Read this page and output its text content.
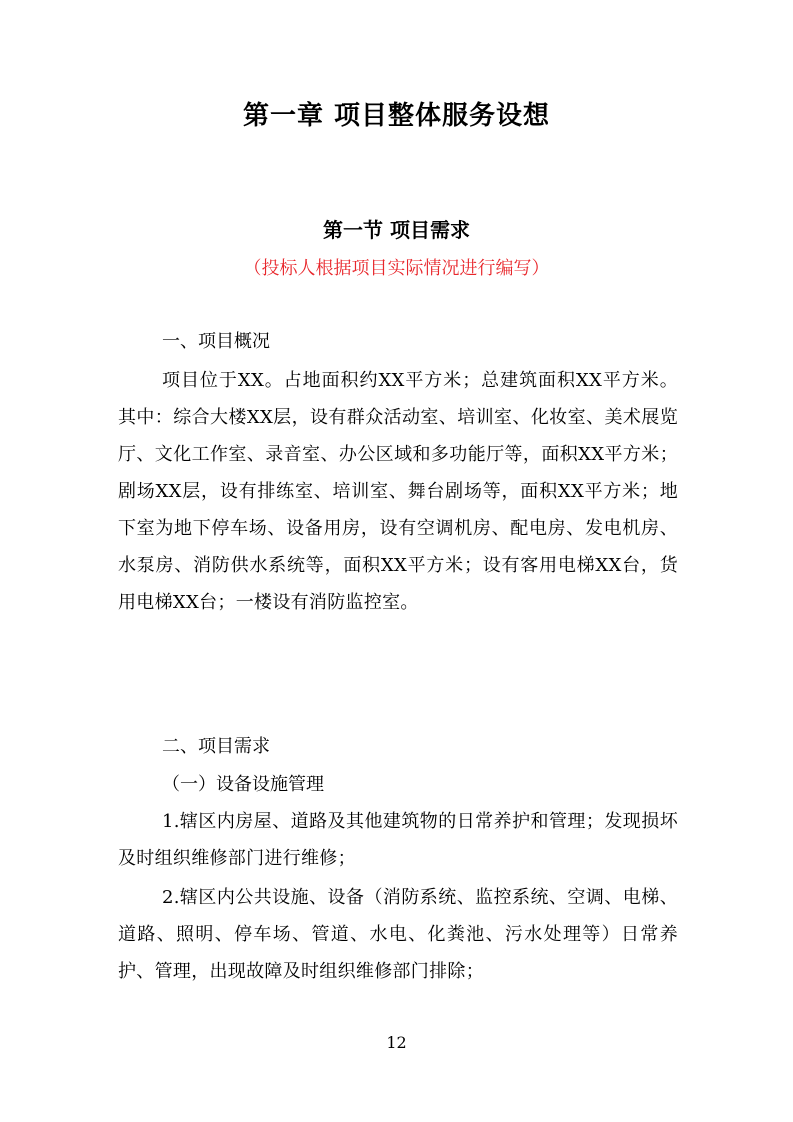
第一章 项目整体服务设想
第一节 项目需求
（投标人根据项目实际情况进行编写）
一、项目概况
项目位于XX。占地面积约XX平方米；总建筑面积XX平方米。其中：综合大楼XX层，设有群众活动室、培训室、化妆室、美术展览厅、文化工作室、录音室、办公区域和多功能厅等，面积XX平方米；剧场XX层，设有排练室、培训室、舞台剧场等，面积XX平方米；地下室为地下停车场、设备用房，设有空调机房、配电房、发电机房、水泵房、消防供水系统等，面积XX平方米；设有客用电梯XX台，货用电梯XX台；一楼设有消防监控室。
二、项目需求
（一）设备设施管理
1.辖区内房屋、道路及其他建筑物的日常养护和管理；发现损坏及时组织维修部门进行维修；
2.辖区内公共设施、设备（消防系统、监控系统、空调、电梯、道路、照明、停车场、管道、水电、化粪池、污水处理等）日常养护、管理，出现故障及时组织维修部门排除；
12
